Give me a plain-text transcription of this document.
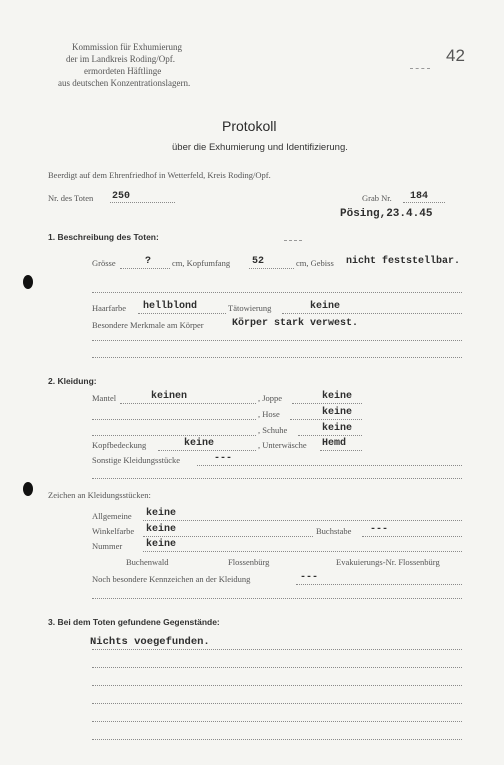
Kommission für Exhumierung
der im Landkreis Roding/Opf.
ermordeten Häftlinge
aus deutschen Konzentrationslagern.
42
Protokoll
über die Exhumierung und Identifizierung.
Beerdigt auf dem Ehrenfriedhof in Wetterfeld, Kreis Roding/Opf.
Nr. des Toten 250	Grab Nr. 184
Pösing,23.4.45
1. Beschreibung des Toten:
Grösse	? cm, Kopfumfang 52	cm, Gebiss nicht feststellbar.
Haarfarbe hellblond	Tätowierung	keine
Besondere Merkmale am Körper	Körper stark verwest.
2. Kleidung:
Mantel	keinen	, Joppe	keine
, Hose	keine
, Schuhe	keine
Kopfbedeckung	keine	, Unterwäsche Hemd
Sonstige Kleidungsstücke	---
Zeichen an Kleidungsstücken:
Allgemeine keine
Winkelfarbe keine	Buchstabe ---
Nummer keine
Buchenwald	Flossenbürg	Evakuierungs-Nr. Flossenbürg
Noch besondere Kennzeichen an der Kleidung	---
3. Bei dem Toten gefundene Gegenstände:
Nichts voegefunden.
